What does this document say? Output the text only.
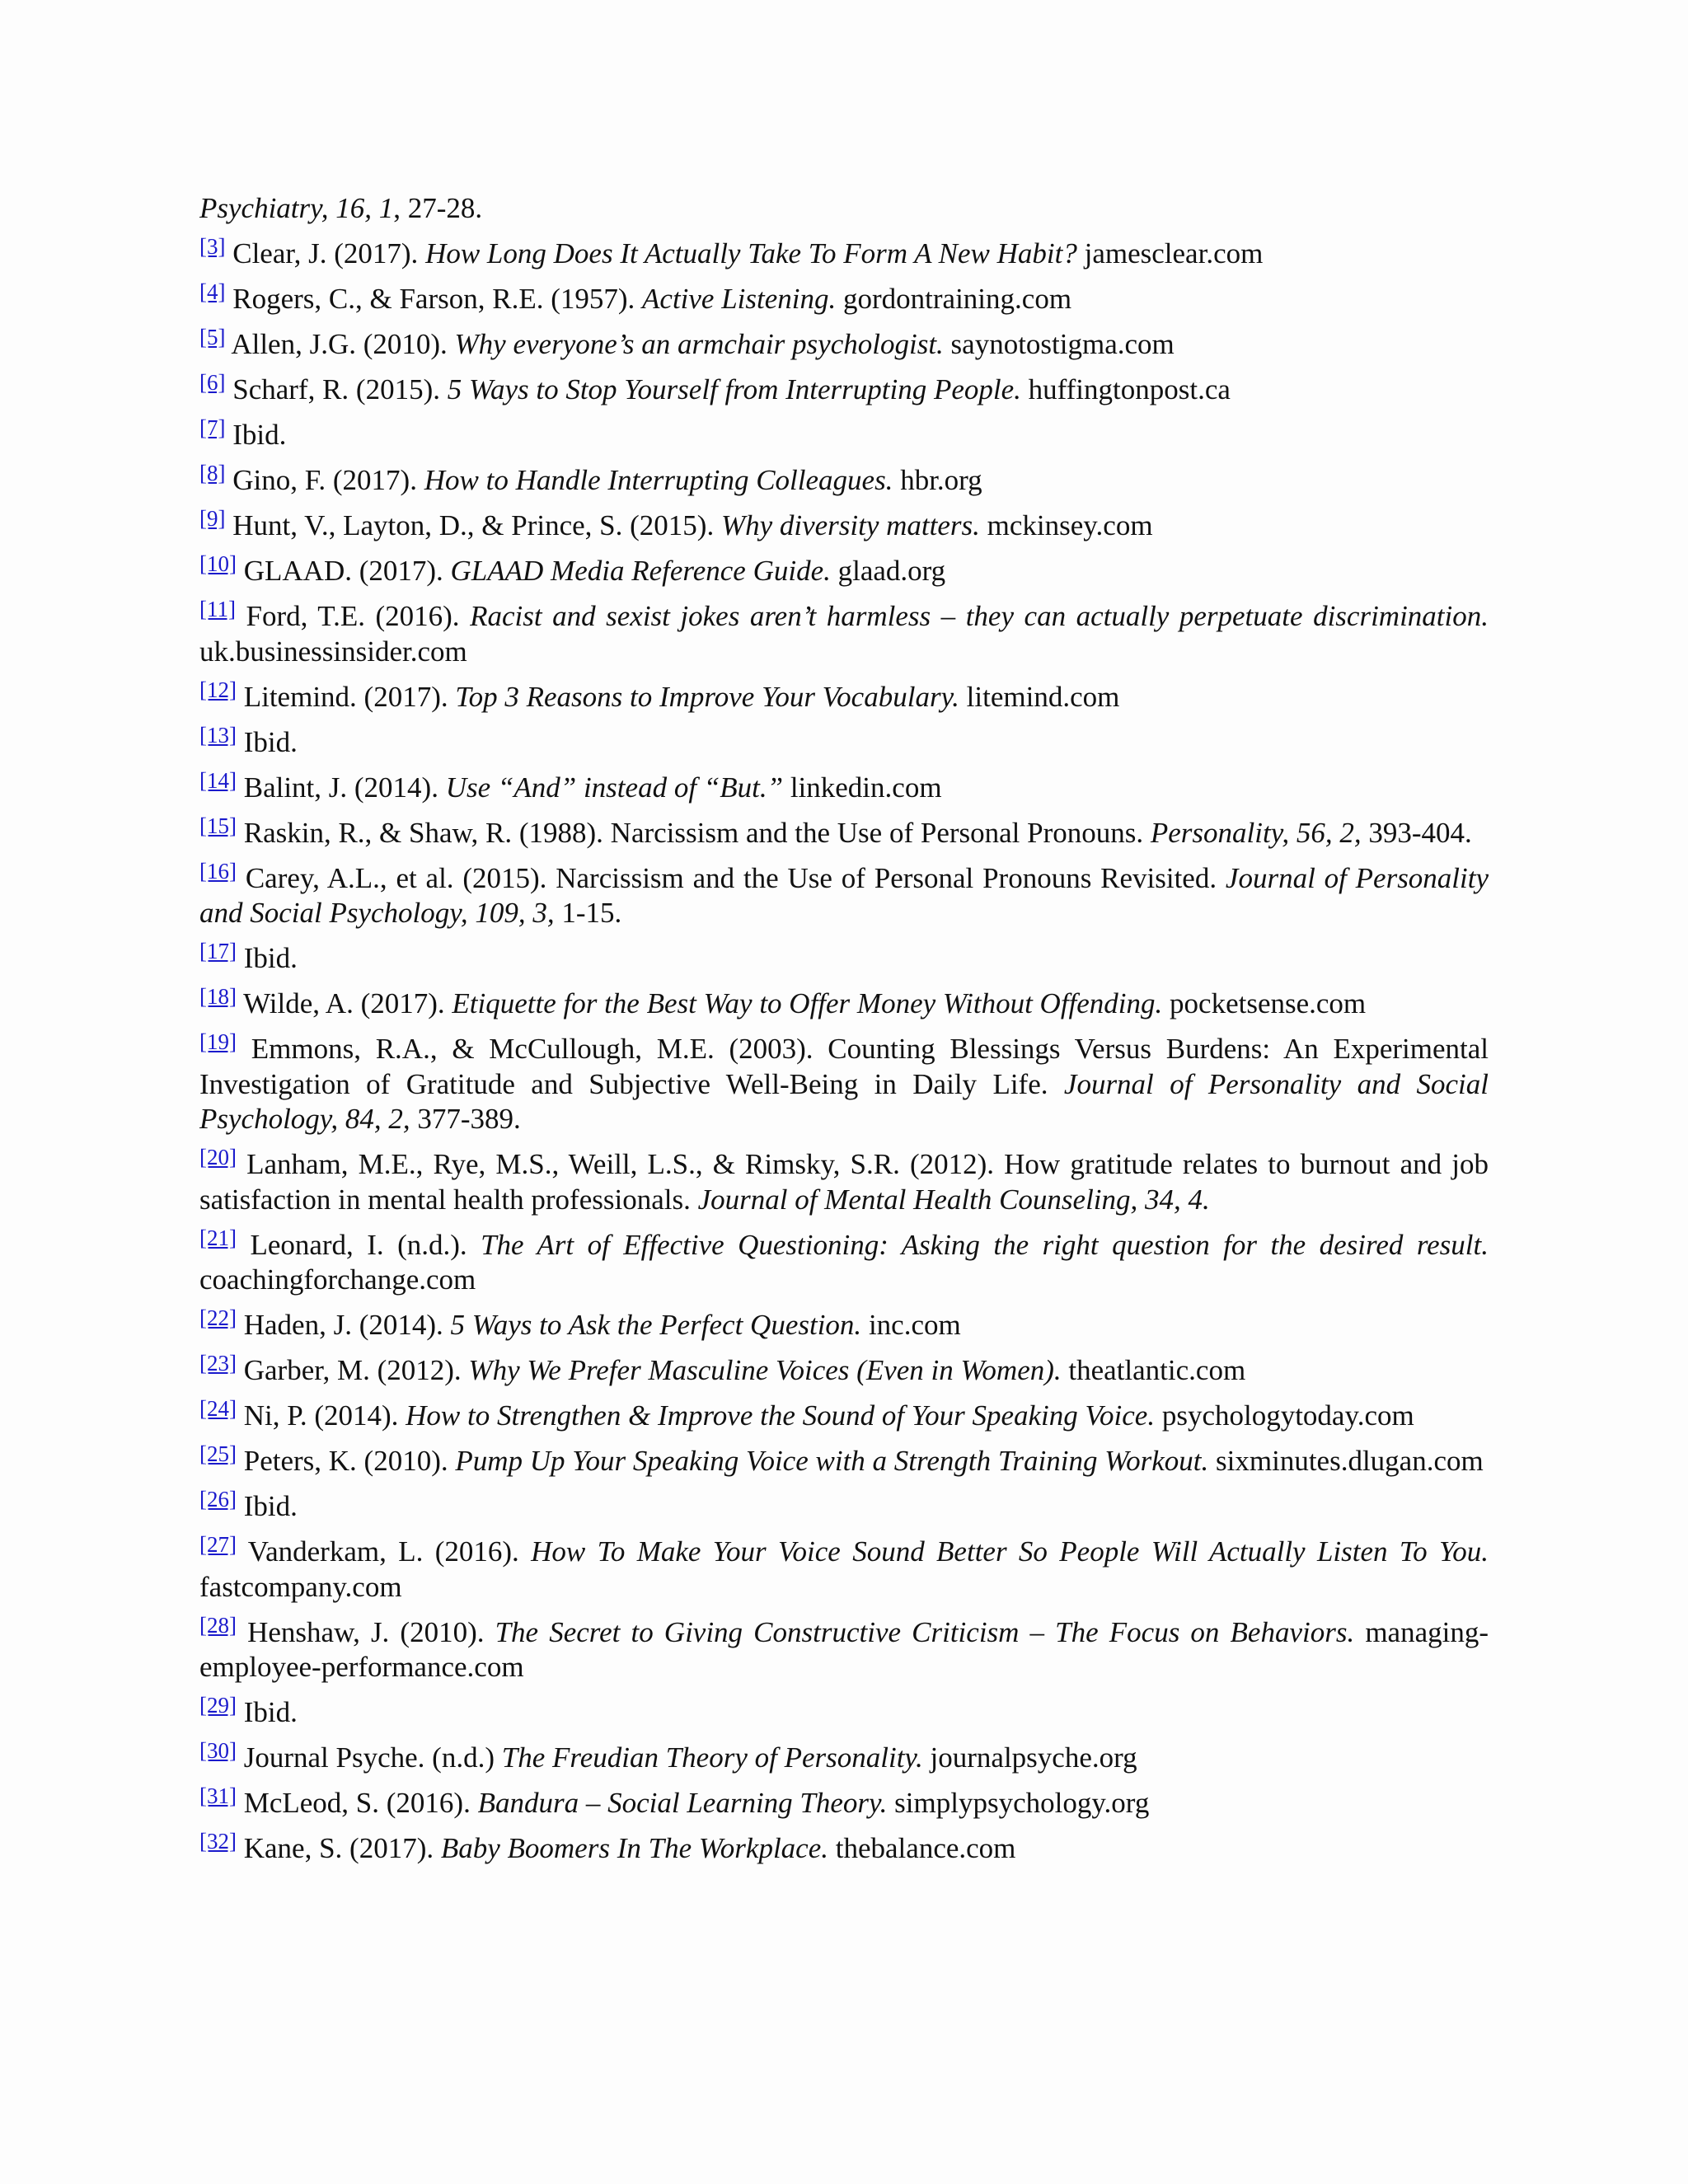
Psychiatry, 16, 1, 27-28.
[3] Clear, J. (2017). How Long Does It Actually Take To Form A New Habit? jamesclear.com
[4] Rogers, C., & Farson, R.E. (1957). Active Listening. gordontraining.com
[5] Allen, J.G. (2010). Why everyone’s an armchair psychologist. saynotostigma.com
[6] Scharf, R. (2015). 5 Ways to Stop Yourself from Interrupting People. huffingtonpost.ca
[7] Ibid.
[8] Gino, F. (2017). How to Handle Interrupting Colleagues. hbr.org
[9] Hunt, V., Layton, D., & Prince, S. (2015). Why diversity matters. mckinsey.com
[10] GLAAD. (2017). GLAAD Media Reference Guide. glaad.org
[11] Ford, T.E. (2016). Racist and sexist jokes aren’t harmless – they can actually perpetuate discrimination. uk.businessinsider.com
[12] Litemind. (2017). Top 3 Reasons to Improve Your Vocabulary. litemind.com
[13] Ibid.
[14] Balint, J. (2014). Use “And” instead of “But.” linkedin.com
[15] Raskin, R., & Shaw, R. (1988). Narcissism and the Use of Personal Pronouns. Personality, 56, 2, 393-404.
[16] Carey, A.L., et al. (2015). Narcissism and the Use of Personal Pronouns Revisited. Journal of Personality and Social Psychology, 109, 3, 1-15.
[17] Ibid.
[18] Wilde, A. (2017). Etiquette for the Best Way to Offer Money Without Offending. pocketsense.com
[19] Emmons, R.A., & McCullough, M.E. (2003). Counting Blessings Versus Burdens: An Experimental Investigation of Gratitude and Subjective Well-Being in Daily Life. Journal of Personality and Social Psychology, 84, 2, 377-389.
[20] Lanham, M.E., Rye, M.S., Weill, L.S., & Rimsky, S.R. (2012). How gratitude relates to burnout and job satisfaction in mental health professionals. Journal of Mental Health Counseling, 34, 4.
[21] Leonard, I. (n.d.). The Art of Effective Questioning: Asking the right question for the desired result. coachingforchange.com
[22] Haden, J. (2014). 5 Ways to Ask the Perfect Question. inc.com
[23] Garber, M. (2012). Why We Prefer Masculine Voices (Even in Women). theatlantic.com
[24] Ni, P. (2014). How to Strengthen & Improve the Sound of Your Speaking Voice. psychologytoday.com
[25] Peters, K. (2010). Pump Up Your Speaking Voice with a Strength Training Workout. sixminutes.dlugan.com
[26] Ibid.
[27] Vanderkam, L. (2016). How To Make Your Voice Sound Better So People Will Actually Listen To You. fastcompany.com
[28] Henshaw, J. (2010). The Secret to Giving Constructive Criticism – The Focus on Behaviors. managing-employee-performance.com
[29] Ibid.
[30] Journal Psyche. (n.d.) The Freudian Theory of Personality. journalpsyche.org
[31] McLeod, S. (2016). Bandura – Social Learning Theory. simplypsychology.org
[32] Kane, S. (2017). Baby Boomers In The Workplace. thebalance.com
